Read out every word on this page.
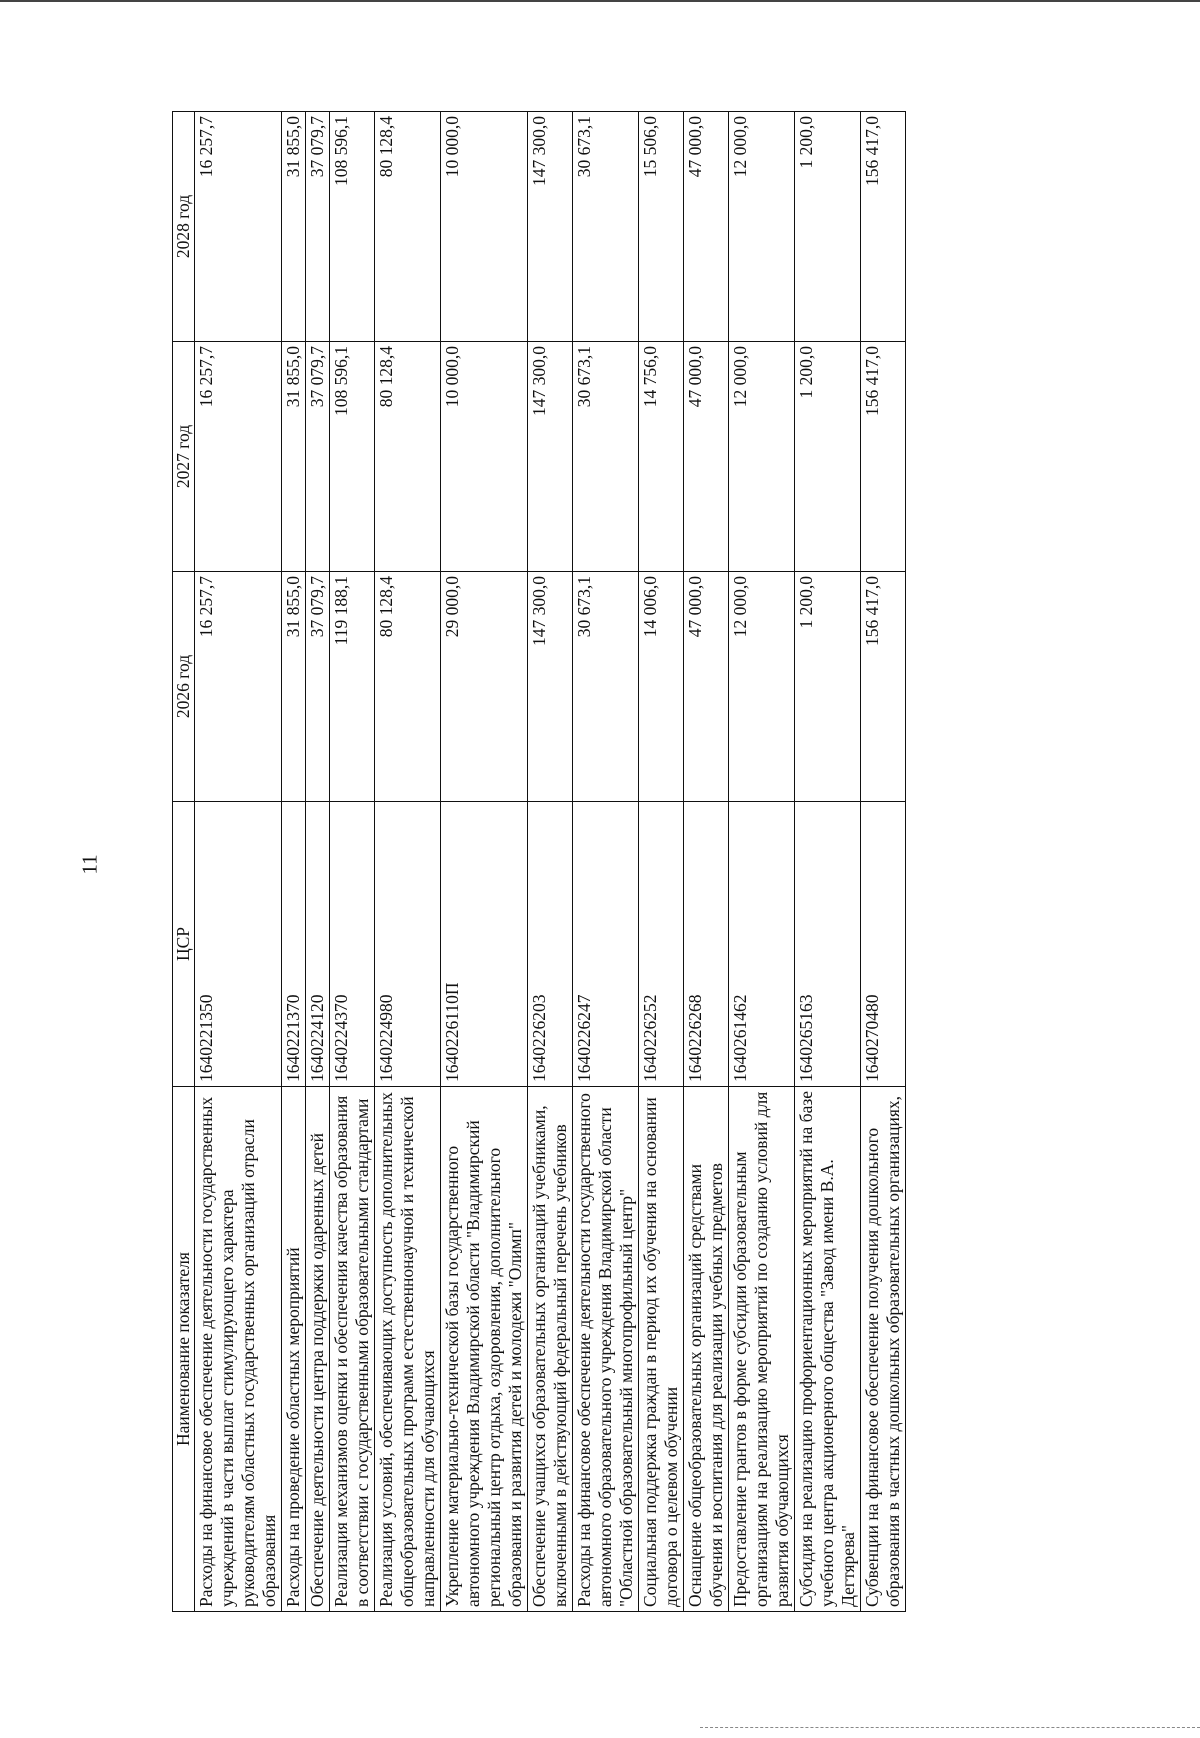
11
Наименование показателя	ЦСР	2026 год	2027 год	2028 год
Расходы на финансовое обеспечение деятельности государственных учреждений в части выплат стимулирующего характера руководителям областных государственных организаций отрасли образования	1640221350	16 257,7	16 257,7	16 257,7
Расходы на проведение областных мероприятий	1640221370	31 855,0	31 855,0	31 855,0
Обеспечение деятельности центра поддержки одаренных детей	1640224120	37 079,7	37 079,7	37 079,7
Реализация механизмов оценки и обеспечения качества образования в соответствии с государственными образовательными стандартами	1640224370	119 188,1	108 596,1	108 596,1
Реализация условий, обеспечивающих доступность дополнительных общеобразовательных программ естественнонаучной и технической направленности для обучающихся	1640224980	80 128,4	80 128,4	80 128,4
Укрепление материально-технической базы государственного автономного учреждения Владимирской области "Владимирский региональный центр отдыха, оздоровления, дополнительного образования и развития детей и молодежи "Олимп"	1640226110П	29 000,0	10 000,0	10 000,0
Обеспечение учащихся образовательных организаций учебниками, включенными в действующий федеральный перечень учебников	1640226203	147 300,0	147 300,0	147 300,0
Расходы на финансовое обеспечение деятельности государственного автономного образовательного учреждения Владимирской области "Областной образовательный многопрофильный центр"	1640226247	30 673,1	30 673,1	30 673,1
Социальная поддержка граждан в период их обучения на основании договора о целевом обучении	1640226252	14 006,0	14 756,0	15 506,0
Оснащение общеобразовательных организаций средствами обучения и воспитания для реализации учебных предметов	1640226268	47 000,0	47 000,0	47 000,0
Предоставление грантов в форме субсидии образовательным организациям на реализацию мероприятий по созданию условий для развития обучающихся	1640261462	12 000,0	12 000,0	12 000,0
Субсидия на реализацию профориентационных мероприятий на базе учебного центра акционерного общества "Завод имени В.А. Дегтярева"	1640265163	1 200,0	1 200,0	1 200,0
Субвенции на финансовое обеспечение получения дошкольного образования в частных дошкольных образовательных организациях,	1640270480	156 417,0	156 417,0	156 417,0
